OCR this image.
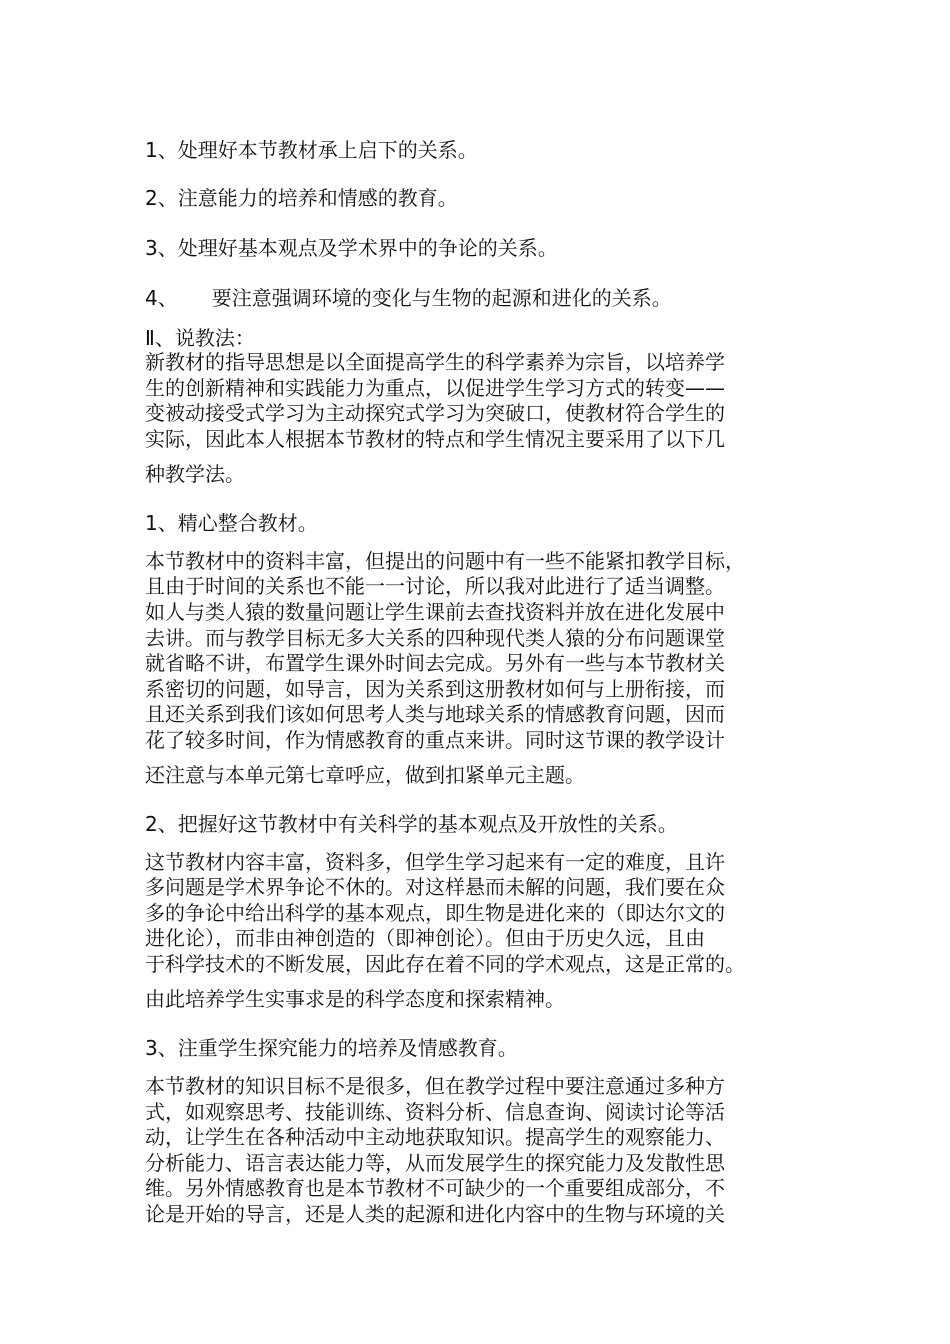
1、处理好本节教材承上启下的关系。

2、注意能力的培养和情感的教育。

3、处理好基本观点及学术界中的争论的关系。

4、 要注意强调环境的变化与生物的起源和进化的关系。

Ⅱ、说教法：

新教材的指导思想是以全面提高学生的科学素养为宗旨，以培养学

生的创新精神和实践能力为重点，以促进学生学习方式的转变——

变被动接受式学习为主动探究式学习为突破口，使教材符合学生的

实际，因此本人根据本节教材的特点和学生情况主要采用了以下几

种教学法。

1、精心整合教材。

本节教材中的资料丰富，但提出的问题中有一些不能紧扣教学目标，

且由于时间的关系也不能一一讨论，所以我对此进行了适当调整。

如人与类人猿的数量问题让学生课前去查找资料并放在进化发展中

去讲。而与教学目标无多大关系的四种现代类人猿的分布问题课堂

就省略不讲，布置学生课外时间去完成。另外有一些与本节教材关

系密切的问题，如导言，因为关系到这册教材如何与上册衔接，而

且还关系到我们该如何思考人类与地球关系的情感教育问题，因而

花了较多时间，作为情感教育的重点来讲。同时这节课的教学设计

还注意与本单元第七章呼应，做到扣紧单元主题。

2、把握好这节教材中有关科学的基本观点及开放性的关系。

这节教材内容丰富，资料多，但学生学习起来有一定的难度，且许

多问题是学术界争论不休的。对这样悬而未解的问题，我们要在众

多的争论中给出科学的基本观点，即生物是进化来的（即达尔文的

进化论），而非由神创造的（即神创论）。但由于历史久远，且由

于科学技术的不断发展，因此存在着不同的学术观点，这是正常的。

由此培养学生实事求是的科学态度和探索精神。

3、注重学生探究能力的培养及情感教育。

本节教材的知识目标不是很多，但在教学过程中要注意通过多种方

式，如观察思考、技能训练、资料分析、信息查询、阅读讨论等活

动，让学生在各种活动中主动地获取知识。提高学生的观察能力、

分析能力、语言表达能力等，从而发展学生的探究能力及发散性思

维。另外情感教育也是本节教材不可缺少的一个重要组成部分，不

论是开始的导言，还是人类的起源和进化内容中的生物与环境的关
